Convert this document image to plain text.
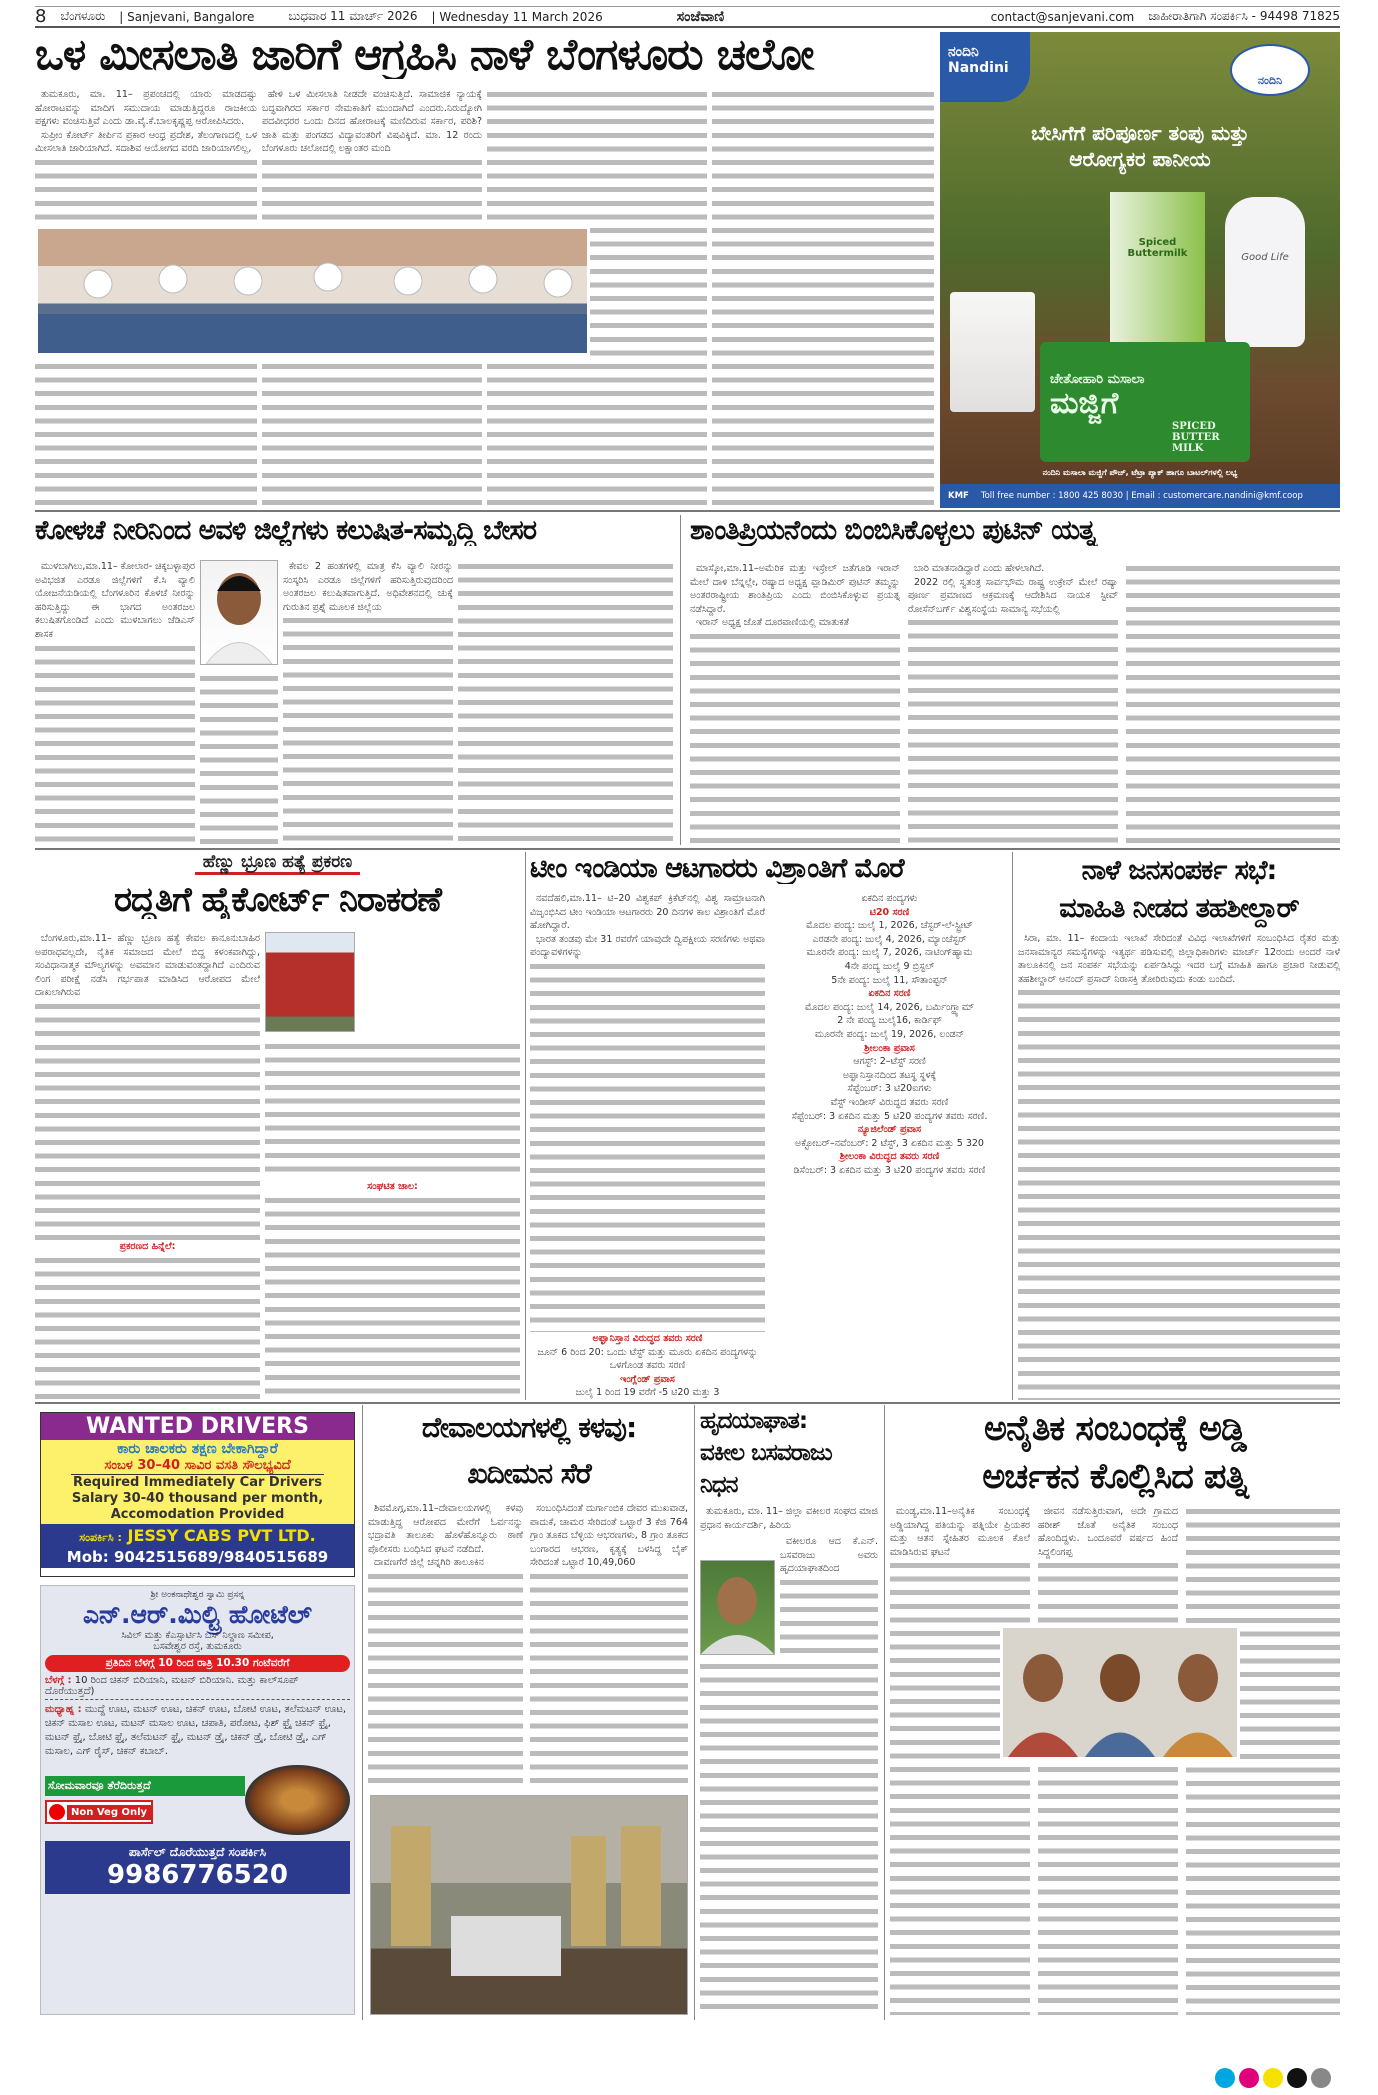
8 ಬೆಂಗಳೂರು | Sanjevani, Bangalore	ಬುಧವಾರ 11 ಮಾರ್ಚ್ 2026 | Wednesday 11 March 2026	ಸಂಜೆವಾಣಿ	contact@sanjevani.com ಜಾಹೀರಾತಿಗಾಗಿ ಸಂಪರ್ಕಿಸಿ - 94498 71825
ಒಳ ಮೀಸಲಾತಿ ಜಾರಿಗೆ ಆಗ್ರಹಿಸಿ ನಾಳೆ ಬೆಂಗಳೂರು ಚಲೋ

ತುಮಕೂರು, ಮಾ. 11– ಪ್ರಪಂಚದಲ್ಲಿ ಯಾರು ಮಾಡದಷ್ಟು ಹೋರಾಟವನ್ನು ಮಾದಿಗ ಸಮುದಾಯ ಮಾಡುತ್ತಿದ್ದರೂ ರಾಜಕೀಯ ಪಕ್ಷಗಳು ವಂಚಿಸುತ್ತಿವೆ ಎಂದು ಡಾ.ವೈ.ಕೆ.ಬಾಲಕೃಷ್ಣಪ್ಪ ಆರೋಪಿಸಿದರು.

ಸುಪ್ರೀಂ ಕೋರ್ಟ್ ತೀರ್ಪಿನ ಪ್ರಕಾರ ಆಂಧ್ರ ಪ್ರದೇಶ, ತೆಲಂಗಾಣದಲ್ಲಿ ಒಳ ಮೀಸಲಾತಿ ಜಾರಿಯಾಗಿದೆ. ಸದಾಶಿವ ಆಯೋಗದ ವರದಿ ಜಾರಿಯಾಗಲಿಲ್ಲ,

ಹೇಳಿ ಒಳ ಮೀಸಲಾತಿ ನೀಡದೇ ವಂಚಿಸುತ್ತಿದೆ. ಸಾಮಾಜಿಕ ನ್ಯಾಯಕ್ಕೆ ಬದ್ಧವಾಗಿರದ ಸರ್ಕಾರ ನೇಮಕಾತಿಗೆ ಮುಂದಾಗಿದೆ ಎಂದರು.ನಿರುದ್ಯೋಗಿ ಪದವೀಧರರ ಒಂದು ದಿನದ ಹೋರಾಟಕ್ಕೆ ಮಣಿದಿರುವ ಸರ್ಕಾರ, ಪರಿಶಿ? ಜಾತಿ ಮತ್ತು ಪಂಗಡದ ವಿದ್ಯಾವಂತರಿಗೆ ವಿಷವಿಕ್ಕಿದೆ. ಮಾ. 12 ರಂದು ಬೆಂಗಳೂರು ಚಲೋದಲ್ಲಿ ಲಕ್ಷಾಂತರ ಮಂದಿ

ನಂದಿನಿ
Nandini
ನಂದಿನಿ
ಬೇಸಿಗೆಗೆ ಪರಿಪೂರ್ಣ ತಂಪು ಮತ್ತು
ಆರೋಗ್ಯಕರ ಪಾನೀಯ
Spiced Buttermilk	Good Life
ಚೇತೋಹಾರಿ ಮಸಾಲಾ
ಮಜ್ಜಿಗೆ
SPICED BUTTER MILK
ನಂದಿನಿ ಮಸಾಲಾ ಮಜ್ಜಿಗೆ ಪೌಚ್, ಟೆಟ್ರಾ ಪ್ಯಾಕ್ ಹಾಗೂ ಬಾಟಲ್‌ಗಳಲ್ಲಿ ಲಭ್ಯ
KMF Toll free number : 1800 425 8030 | Email : customercare.nandini@kmf.coop
ಕೋಳಚೆ ನೀರಿನಿಂದ ಅವಳಿ ಜಿಲ್ಲೆಗಳು ಕಲುಷಿತ-ಸಮೃದ್ಧಿ ಬೇಸರ

ಮುಳಬಾಗಿಲು,ಮಾ.11– ಕೋಲಾರ- ಚಿಕ್ಕಬಳ್ಳಾಪುರ ಅವಿಭಜಿತ ಎರಡೂ ಜಿಲ್ಲೆಗಳಿಗೆ ಕೆ.ಸಿ ವ್ಯಾಲಿ ಯೋಜನೆಯಡಿಯಲ್ಲಿ ಬೆಂಗಳೂರಿನ ಕೊಳಚೆ ನೀರನ್ನು ಹರಿಸುತ್ತಿದ್ದು ಈ ಭಾಗದ ಅಂತರಜಲ ಕಲುಷಿತಗೊಂಡಿದೆ ಎಂದು ಮುಳಬಾಗಲು ಜೆಡಿಎಸ್ ಶಾಸಕ

ಕೇವಲ 2 ಹಂತಗಳಲ್ಲಿ ಮಾತ್ರ ಕೆಸಿ ವ್ಯಾಲಿ ನೀರನ್ನು ಸಂಸ್ಕರಿಸಿ ಎರಡೂ ಜಿಲ್ಲೆಗಳಿಗೆ ಹರಿಸುತ್ತಿರುವುದರಿಂದ ಅಂತರಜಲ ಕಲುಷಿತವಾಗುತ್ತಿದೆ. ಅಧಿವೇಶನದಲ್ಲಿ ಚುಕ್ಕೆ ಗುರುತಿನ ಪ್ರಶ್ನೆ ಮೂಲಕ ಜಿಲ್ಲೆಯ

ಶಾಂತಿಪ್ರಿಯನೆಂದು ಬಿಂಬಿಸಿಕೊಳ್ಳಲು ಪುಟಿನ್ ಯತ್ನ

ಮಾಸ್ಕೋ,ಮಾ.11–ಅಮೆರಿಕ ಮತ್ತು ಇಸ್ರೇಲ್ ಜತೆಗೂಡಿ ಇರಾನ್ ಮೇಲೆ ದಾಳಿ ಬೆನ್ನಲ್ಲೇ, ರಷ್ಯಾದ ಅಧ್ಯಕ್ಷ ವ್ಲಾಡಿಮಿರ್ ಪುಟಿನ್ ತಮ್ಮನ್ನು ಅಂತರರಾಷ್ಟ್ರೀಯ ಶಾಂತಿಪ್ರಿಯ ಎಂದು ಬಿಂಬಿಸಿಕೊಳ್ಳುವ ಪ್ರಯತ್ನ ನಡೆಸಿದ್ದಾರೆ.

ಇರಾನ್ ಅಧ್ಯಕ್ಷ ಜೊತೆ ದೂರವಾಣಿಯಲ್ಲಿ ಮಾತುಕತೆ

ಬಾರಿ ಮಾತನಾಡಿದ್ದಾರೆ ಎಂದು ಹೇಳಲಾಗಿದೆ.

2022 ರಲ್ಲಿ ಸ್ವತಂತ್ರ ಸಾರ್ವಭೌಮ ರಾಷ್ಟ್ರ ಉಕ್ರೇನ್ ಮೇಲೆ ರಷ್ಯಾ ಪೂರ್ಣ ಪ್ರಮಾಣದ ಆಕ್ರಮಣಕ್ಕೆ ಆದೇಶಿಸಿದ ನಾಯಕ ಸ್ಟೀವ್ ರೋಸೆನ್‌ಬರ್ಗ್ ವಿಶ್ವಸಂಸ್ಥೆಯ ಸಾಮಾನ್ಯ ಸಭೆಯಲ್ಲಿ

ಹೆಣ್ಣು ಭ್ರೂಣ ಹತ್ಯೆ ಪ್ರಕರಣ
ರದ್ದತಿಗೆ ಹೈಕೋರ್ಟ್ ನಿರಾಕರಣೆ

ಬೆಂಗಳೂರು,ಮಾ.11– ಹೆಣ್ಣು ಭ್ರೂಣ ಹತ್ಯೆ ಕೇವಲ ಕಾನೂನುಬಾಹಿರ ಅಪರಾಧವಲ್ಲದೇ, ನೈತಿಕ ಸಮಾಜದ ಮೇಲೆ ಬಿದ್ದ ಕಳಂಕವಾಗಿದ್ದು, ಸಂವಿಧಾನಾತ್ಮಕ ಮೌಲ್ಯಗಳನ್ನು ಅವಮಾನ ಮಾಡುವಂತದ್ದಾಗಿದೆ ಎಂದಿರುವ ಲಿಂಗ ಪರೀಕ್ಷೆ ನಡೆಸಿ ಗರ್ಭಪಾತ ಮಾಡಿಸಿದ ಆರೋಪದ ಮೇಲೆ ದಾಖಲಾಗಿರುವ

ಪ್ರಕರಣದ ಹಿನ್ನೆಲೆ:

ಸಂಘಟಿತ ಜಾಲ:

ಟೀಂ ಇಂಡಿಯಾ ಆಟಗಾರರು ವಿಶ್ರಾಂತಿಗೆ ಮೊರೆ

ನವದೆಹಲಿ,ಮಾ.11– ಟಿ–20 ವಿಶ್ವಕಪ್ ಕ್ರಿಕೆಟ್‌ನಲ್ಲಿ ವಿಶ್ವ ಸಾಮ್ರಾಟನಾಗಿ ವಿಜೃಂಭಿಸಿದ ಟೀಂ ಇಂಡಿಯಾ ಆಟಗಾರರು 20 ದಿನಗಳ ಕಾಲ ವಿಶ್ರಾಂತಿಗೆ ಮೊರೆ ಹೋಗಿದ್ದಾರೆ.

ಭಾರತ ತಂಡವು ಮೇ 31 ರವರೆಗೆ ಯಾವುದೇ ದ್ವಿಪಕ್ಷೀಯ ಸರಣಿಗಳು ಅಥವಾ ಪಂದ್ಯಾವಳಿಗಳನ್ನು

ಅಫ್ಘಾನಿಸ್ತಾನ ವಿರುದ್ಧದ ತವರು ಸರಣಿ
ಜೂನ್ 6 ರಿಂದ 20: ಒಂದು ಟೆಸ್ಟ್ ಮತ್ತು ಮೂರು ಏಕದಿನ ಪಂದ್ಯಗಳನ್ನು ಒಳಗೊಂಡ ತವರು ಸರಣಿ
ಇಂಗ್ಲೆಂಡ್ ಪ್ರವಾಸ
ಜುಲೈ 1 ರಿಂದ 19 ವರೆಗೆ -5 ಟಿ20 ಮತ್ತು 3
ಏಕದಿನ ಪಂದ್ಯಗಳು
ಟಿ20 ಸರಣಿ
ಮೊದಲ ಪಂದ್ಯ: ಜುಲೈ 1, 2026, ಚೆಸ್ಟರ್-ಲೆ-ಸ್ಟ್ರೀಟ್
ಎರಡನೇ ಪಂದ್ಯ: ಜುಲೈ 4, 2026, ಮ್ಯಾಂಚೆಸ್ಟರ್
ಮೂರನೇ ಪಂದ್ಯ: ಜುಲೈ 7, 2026, ನಾಟಿಂಗ್‌ಹ್ಯಾಮ
4ನೇ ಪಂದ್ಯ ಜುಲೈ 9 ಬ್ರಿಸ್ಟಲ್
5ನೇ ಪಂದ್ಯ: ಜುಲೈ 11, ಸೌತಾಂಪ್ಟನ್
ಏಕದಿನ ಸರಣಿ
ಮೊದಲ ಪಂದ್ಯ: ಜುಲೈ 14, 2026, ಬರ್ಮಿಂಗ್ಹ್ಯಾಮ್
2 ನೇ ಪಂದ್ಯ ಜುಲೈ16, ಕಾರ್ಡಿಫ್
ಮೂರನೇ ಪಂದ್ಯ: ಜುಲೈ 19, 2026, ಲಂಡನ್
ಶ್ರೀಲಂಕಾ ಪ್ರವಾಸ
ಆಗಸ್ಟ್: 2–ಟೆಸ್ಟ್ ಸರಣಿ
ಅಫ್ಘಾನಿಸ್ತಾನದಿಂದ ತಟಸ್ಥ ಸ್ಥಳಕ್ಕೆ
ಸೆಪ್ಟೆಂಬರ್: 3 ಟಿ20ಐಗಳು
ವೆಸ್ಟ್ ಇಂಡೀಸ್ ವಿರುದ್ಧದ ತವರು ಸರಣಿ
ಸೆಪ್ಟೆಂಬರ್: 3 ಏಕದಿನ ಮತ್ತು 5 ಟಿ20 ಪಂದ್ಯಗಳ ತವರು ಸರಣಿ.
ನ್ಯೂಜಿಲೆಂಡ್ ಪ್ರವಾಸ
ಅಕ್ಟೋಬರ್–ನವೆಂಬರ್: 2 ಟೆಸ್ಟ್, 3 ಏಕದಿನ ಮತ್ತು 5 320
ಶ್ರೀಲಂಕಾ ವಿರುದ್ಧದ ತವರು ಸರಣಿ
ಡಿಸೆಂಬರ್: 3 ಏಕದಿನ ಮತ್ತು 3 ಟಿ20 ಪಂದ್ಯಗಳ ತವರು ಸರಣಿ
ನಾಳೆ ಜನಸಂಪರ್ಕ ಸಭೆ:
ಮಾಹಿತಿ ನೀಡದ ತಹಶೀಲ್ದಾರ್

ಸಿರಾ, ಮಾ. 11– ಕಂದಾಯ ಇಲಾಖೆ ಸೇರಿದಂತೆ ವಿವಿಧ ಇಲಾಖೆಗಳಿಗೆ ಸಂಬಂಧಿಸಿದ ರೈತರ ಮತ್ತು ಜನಸಾಮಾನ್ಯರ ಸಮಸ್ಯೆಗಳನ್ನು ಇತ್ಯರ್ಥ ಪಡಿಸುವಲ್ಲಿ ಜಿಲ್ಲಾಧಿಕಾರಿಗಳು ಮಾರ್ಚ್ 12ರಂದು ಅಂದರೆ ನಾಳೆ ತಾಲೂಕಿನಲ್ಲಿ ಜನ ಸಂಪರ್ಕ ಸಭೆಯನ್ನು ಏರ್ಪಡಿಸಿದ್ದು ಇದರ ಬಗ್ಗೆ ಮಾಹಿತಿ ಹಾಗೂ ಪ್ರಚಾರ ನೀಡುವಲ್ಲಿ ತಹಶೀಲ್ದಾರ್ ಆನಂದ್ ಪ್ರಸಾದ್ ನಿರಾಸಕ್ತಿ ತೋರಿರುವುದು ಕಂಡು ಬಂದಿದೆ.

WANTED DRIVERS
ಕಾರು ಚಾಲಕರು ತಕ್ಷಣ ಬೇಕಾಗಿದ್ದಾರೆ
ಸಂಬಳ 30–40 ಸಾವಿರ ವಸತಿ ಸೌಲಭ್ಯವಿದೆ
Required Immediately Car Drivers
Salary 30-40 thousand per month,
Accomodation Provided
ಸಂಪರ್ಕಿಸಿ : JESSY CABS PVT LTD.
Mob: 9042515689/9840515689
ಶ್ರೀ ಅಂಕನಾಥೇಶ್ವರ ಸ್ವಾಮಿ ಪ್ರಸನ್ನ
ಎನ್.ಆರ್.ಮಿಲ್ಟ್ರಿ ಹೋಟೆಲ್
ಸಿವಿಲ್ ಮತ್ತು ಕೆಎಸ್ಸಾರ್ಟಿಸಿ ಬಸ್ ನಿಲ್ದಾಣ ಸಮೀಪ,
ಬಸವೇಶ್ವರ ರಸ್ತೆ, ತುಮಕೂರು
ಪ್ರತಿದಿನ ಬೆಳಗ್ಗೆ 10 ರಿಂದ ರಾತ್ರಿ 10.30 ಗಂಟೆವರೆಗೆ
ಬೆಳಗ್ಗೆ : 10 ರಿಂದ ಚಿಕನ್ ಬಿರಿಯಾನಿ, ಮಟನ್ ಬಿರಿಯಾನಿ. ಮತ್ತು ಕಾಲ್‌ಸೂಪ್ ದೊರೆಯುತ್ತದೆ)
ಮಧ್ಯಾಹ್ನ : ಮುದ್ದೆ ಊಟ, ಮಟನ್ ಊಟ, ಚಿಕನ್ ಊಟ, ಬೋಟಿ ಊಟ, ತಲೆಮಟನ್ ಊಟ, ಚಿಕನ್ ಮಸಾಲ ಊಟ, ಮಟನ್ ಮಸಾಲ ಊಟ, ಚಪಾತಿ, ಪರೋಟ, ಫಿಶ್ ಫ್ರೈ ಚಿಕನ್ ಫ್ರೈ, ಮಟನ್ ಫ್ರೈ, ಬೋಟಿ ಫ್ರೈ, ತಲೆಮಟನ್ ಫ್ರೈ, ಮಟನ್ ಡ್ರೈ, ಚಿಕನ್ ಡ್ರೈ, ಬೋಟಿ ಡ್ರೈ, ಎಗ್ ಮಸಾಲ, ಎಗ್ ರೈಸ್, ಚಿಕನ್ ಕಬಾಬ್.
ಸೋಮವಾರವೂ ತೆರೆದಿರುತ್ತದೆ
Non Veg Only
ಪಾರ್ಸೆಲ್ ದೊರೆಯುತ್ತದೆ ಸಂಪರ್ಕಿಸಿ
9986776520
ದೇವಾಲಯಗಳಲ್ಲಿ ಕಳವು:
ಖದೀಮನ ಸೆರೆ

ಶಿವಮೊಗ್ಗ,ಮಾ.11–ದೇವಾಲಯಗಳಲ್ಲಿ ಕಳವು ಮಾಡುತ್ತಿದ್ದ ಆರೋಪದ ಮೇರೆಗೆ ಓರ್ವನನ್ನು ಭದ್ರಾವತಿ ತಾಲೂಕು ಹೊಳೆಹೊನ್ನೂರು ಠಾಣೆ ಪೊಲೀಸರು ಬಂಧಿಸಿದ ಘಟನೆ ನಡೆದಿದೆ.

ದಾವಣಗೆರೆ ಜಿಲ್ಲೆ ಚನ್ನಗಿರಿ ತಾಲೂಕಿನ

ಸಂಬಂಧಿಸಿದಂತೆ ದುರ್ಗಾಂಬಿಕ ದೇವರ ಮುಖವಾಡ, ಪಾದುಕೆ, ಚಾಮರ ಸೇರಿದಂತೆ ಒಟ್ಟಾರೆ 3 ಕೆಜಿ 764 ಗ್ರಾಂ ತೂಕದ ಬೆಳ್ಳಿಯ ಆಭರಣಗಳು, 8 ಗ್ರಾಂ ತೂಕದ ಬಂಗಾರದ ಆಭರಣ, ಕೃತ್ಯಕ್ಕೆ ಬಳಸಿದ್ದ ಬೈಕ್ ಸೇರಿದಂತೆ ಒಟ್ಟಾರೆ 10,49,060

ಹೃದಯಾಘಾತ:
ವಕೀಲ ಬಸವರಾಜು
ನಿಧನ

ತುಮಕೂರು, ಮಾ. 11– ಜಿಲ್ಲಾ ವಕೀಲರ ಸಂಘದ ಮಾಜಿ ಪ್ರಧಾನ ಕಾರ್ಯದರ್ಶಿ, ಹಿರಿಯ

ವಕೀಲರೂ ಆದ ಕೆ.ಎನ್. ಬಸವರಾಜು ಅವರು ಹೃದಯಾಘಾತದಿಂದ

ಅನೈತಿಕ ಸಂಬಂಧಕ್ಕೆ ಅಡ್ಡಿ
ಅರ್ಚಕನ ಕೊಲ್ಲಿಸಿದ ಪತ್ನಿ

ಮಂಡ್ಯ,ಮಾ.11–ಅನೈತಿಕ ಸಂಬಂಧಕ್ಕೆ ಅಡ್ಡಿಯಾಗಿದ್ದ ಪತಿಯನ್ನು ಪತ್ನಿಯೇ ಪ್ರಿಯಕರ ಮತ್ತು ಆತನ ಸ್ನೇಹಿತರ ಮೂಲಕ ಕೊಲೆ ಮಾಡಿಸಿರುವ ಘಟನೆ

ಜೀವನ ನಡೆಸುತ್ತಿರುವಾಗ, ಅದೇ ಗ್ರಾಮದ ಹರೀಶ್ ಜೊತೆ ಅನೈತಿಕ ಸಂಬಂಧ ಹೊಂದಿದ್ದಳು. ಒಂದೂವರೆ ವರ್ಷದ ಹಿಂದೆ ಸಿದ್ದಲಿಂಗಪ್ಪ
